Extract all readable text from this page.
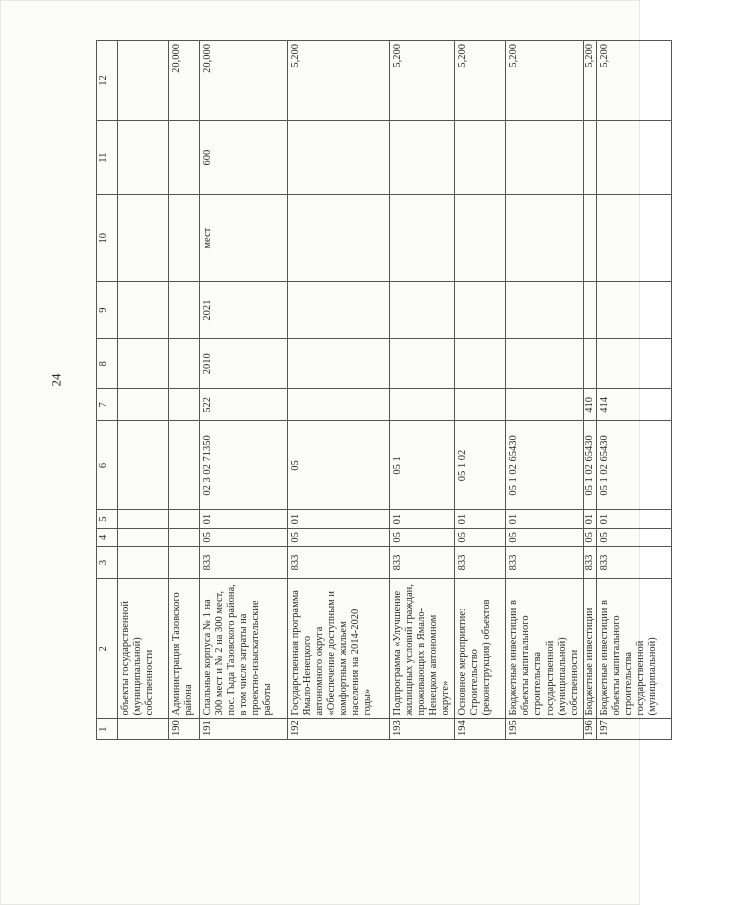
24
1	2	3	4	5	6	7	8	9	10	11	12
	объекты государственной (муниципальной) собственности										
190	Администрация Тазовского района										20,000
191	Спальные корпуса № 1 на 300 мест и № 2 на 300 мест, пос. Гыда Тазовского района, в том числе затраты на проектно-изыскательские работы	833	05	01	02 3 02 71350	522	2010	2021	мест	600	20,000
192	Государственная программа Ямало-Ненецкого автономного округа «Обеспечение доступным и комфортным жильем населения на 2014-2020 годы»	833	05	01	05						5,200
193	Подпрограмма «Улучшение жилищных условий граждан, проживающих в Ямало-Ненецком автономном округе»	833	05	01	05 1						5,200
194	Основное мероприятие: Строительство (реконструкция) объектов	833	05	01	05 1 02						5,200
195	Бюджетные инвестиции в объекты капитального строительства государственной (муниципальной) собственности	833	05	01	05 1 02 65430						5,200
196	Бюджетные инвестиции	833	05	01	05 1 02 65430	410					5,200
197	Бюджетные инвестиции в объекты капитального строительства государственной (муниципальной)	833	05	01	05 1 02 65430	414					5,200
